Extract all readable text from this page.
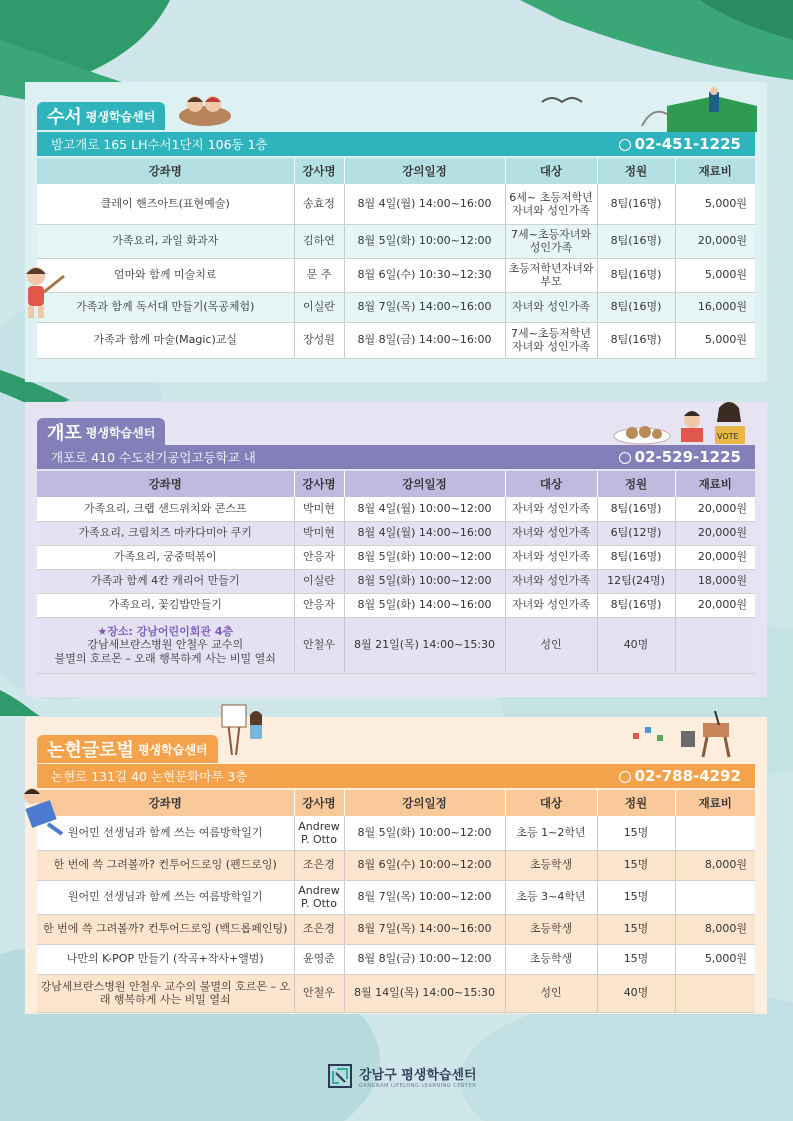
수서 평생학습센터
밤고개로 165 LH수서1단지 106동 1층	02-451-1225
강좌명	강사명	강의일정	대상	정원	재료비
클레이 핸즈아트(표현예술)	송효정	8월 4일(월) 14:00~16:00	6세~ 초등저학년 자녀와 성인가족	8팀(16명)	5,000원
가족요리, 과일 화과자	김하연	8월 5일(화) 10:00~12:00	7세~초등자녀와 성인가족	8팀(16명)	20,000원
엄마와 함께 미술치료	문 주	8월 6일(수) 10:30~12:30	초등저학년자녀와 부모	8팀(16명)	5,000원
가족과 함께 독서대 만들기(목공체험)	이실란	8월 7일(목) 14:00~16:00	자녀와 성인가족	8팀(16명)	16,000원
가족과 함께 마술(Magic)교실	장성원	8월 8일(금) 14:00~16:00	7세~초등저학년 자녀와 성인가족	8팀(16명)	5,000원
개포 평생학습센터	VOTE
개포로 410 수도전기공업고등학교 내	02-529-1225
강좌명	강사명	강의일정	대상	정원	재료비
가족요리, 크랩 샌드위치와 콘스프	박미현	8월 4일(월) 10:00~12:00	자녀와 성인가족	8팀(16명)	20,000원
가족요리, 크림치즈 마카다미아 쿠키	박미현	8월 4일(월) 14:00~16:00	자녀와 성인가족	6팀(12명)	20,000원
가족요리, 궁중떡볶이	안응자	8월 5일(화) 10:00~12:00	자녀와 성인가족	8팀(16명)	20,000원
가족과 함께 4칸 캐리어 만들기	이실란	8월 5일(화) 10:00~12:00	자녀와 성인가족	12팀(24명)	18,000원
가족요리, 꽃김밥만들기	안응자	8월 5일(화) 14:00~16:00	자녀와 성인가족	8팀(16명)	20,000원

★장소: 강남어린이회관 4층
강남세브란스병원 안철우 교수의
불멸의 호르몬 – 오래 행복하게 사는 비밀 열쇠	안철우	8월 21일(목) 14:00~15:30	성인	40명	
논현글로벌 평생학습센터
논현로 131길 40 논현문화마루 3층	02-788-4292
강좌명	강사명	강의일정	대상	정원	재료비
원어민 선생님과 함께 쓰는 여름방학일기	Andrew P. Otto	8월 5일(화) 10:00~12:00	초등 1~2학년	15명	
한 번에 쓱 그려볼까? 컨투어드로잉 (펜드로잉)	조은경	8월 6일(수) 10:00~12:00	초등학생	15명	8,000원
원어민 선생님과 함께 쓰는 여름방학일기	Andrew P. Otto	8월 7일(목) 10:00~12:00	초등 3~4학년	15명	
한 번에 쓱 그려볼까? 컨투어드로잉 (백드롭페인팅)	조은경	8월 7일(목) 14:00~16:00	초등학생	15명	8,000원
나만의 K-POP 만들기 (작곡+작사+앨범)	윤영준	8월 8일(금) 10:00~12:00	초등학생	15명	5,000원
강남세브란스병원 안철우 교수의 불멸의 호르몬 – 오래 행복하게 사는 비밀 열쇠	안철우	8월 14일(목) 14:00~15:30	성인	40명	
강남구 평생학습센터
GANGNAM LIFELONG LEARNING CENTER
